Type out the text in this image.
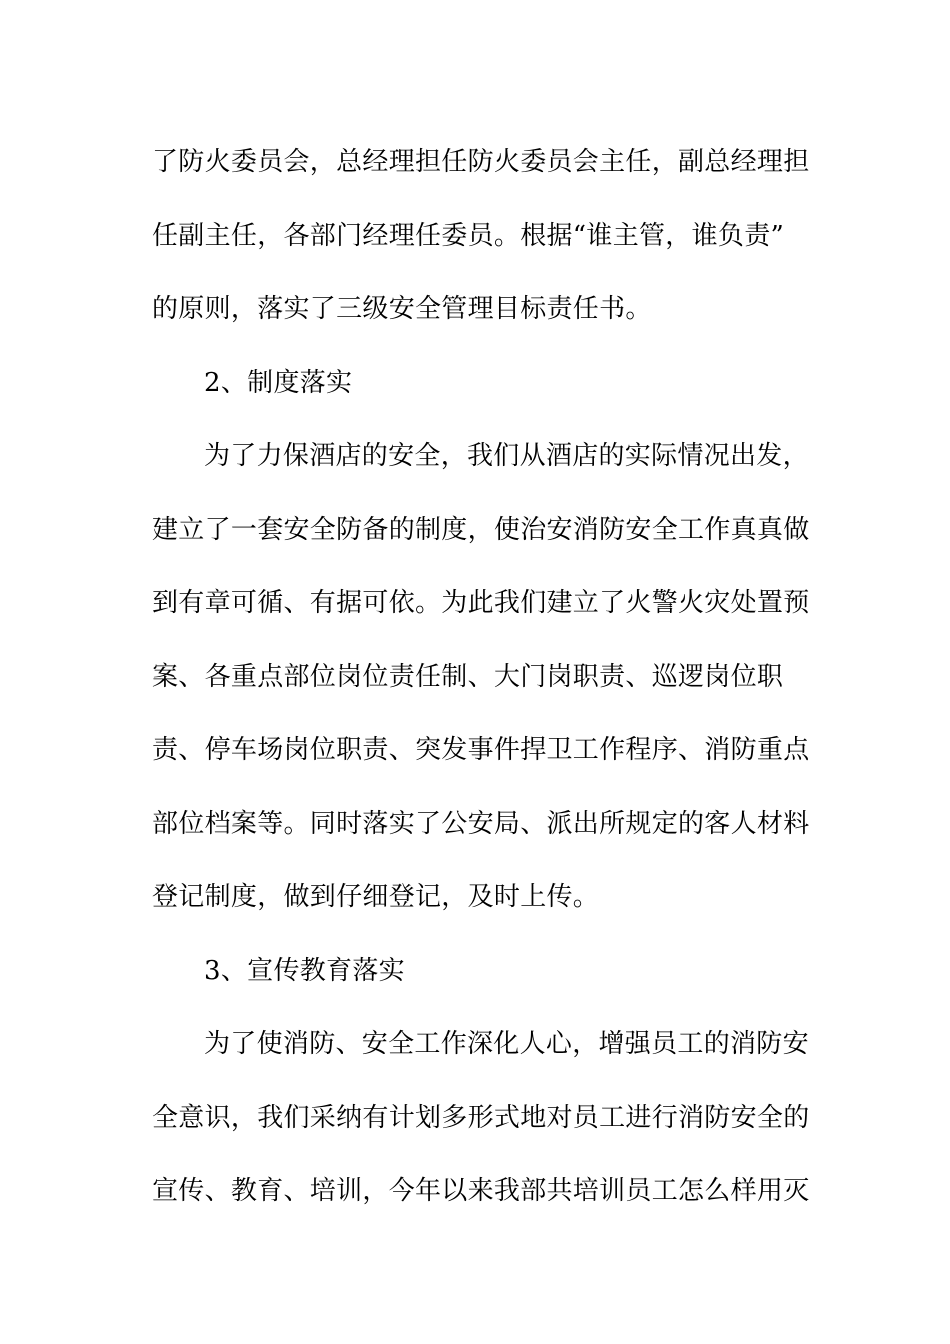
了防火委员会，总经理担任防火委员会主任，副总经理担
任副主任，各部门经理任委员。根据“谁主管，谁负责”
的原则，落实了三级安全管理目标责任书。
2、制度落实
为了力保酒店的安全，我们从酒店的实际情况出发，
建立了一套安全防备的制度，使治安消防安全工作真真做
到有章可循、有据可依。为此我们建立了火警火灾处置预
案、各重点部位岗位责任制、大门岗职责、巡逻岗位职
责、停车场岗位职责、突发事件捍卫工作程序、消防重点
部位档案等。同时落实了公安局、派出所规定的客人材料
登记制度，做到仔细登记，及时上传。
3、宣传教育落实
为了使消防、安全工作深化人心，增强员工的消防安
全意识，我们采纳有计划多形式地对员工进行消防安全的
宣传、教育、培训，今年以来我部共培训员工怎么样用灭
